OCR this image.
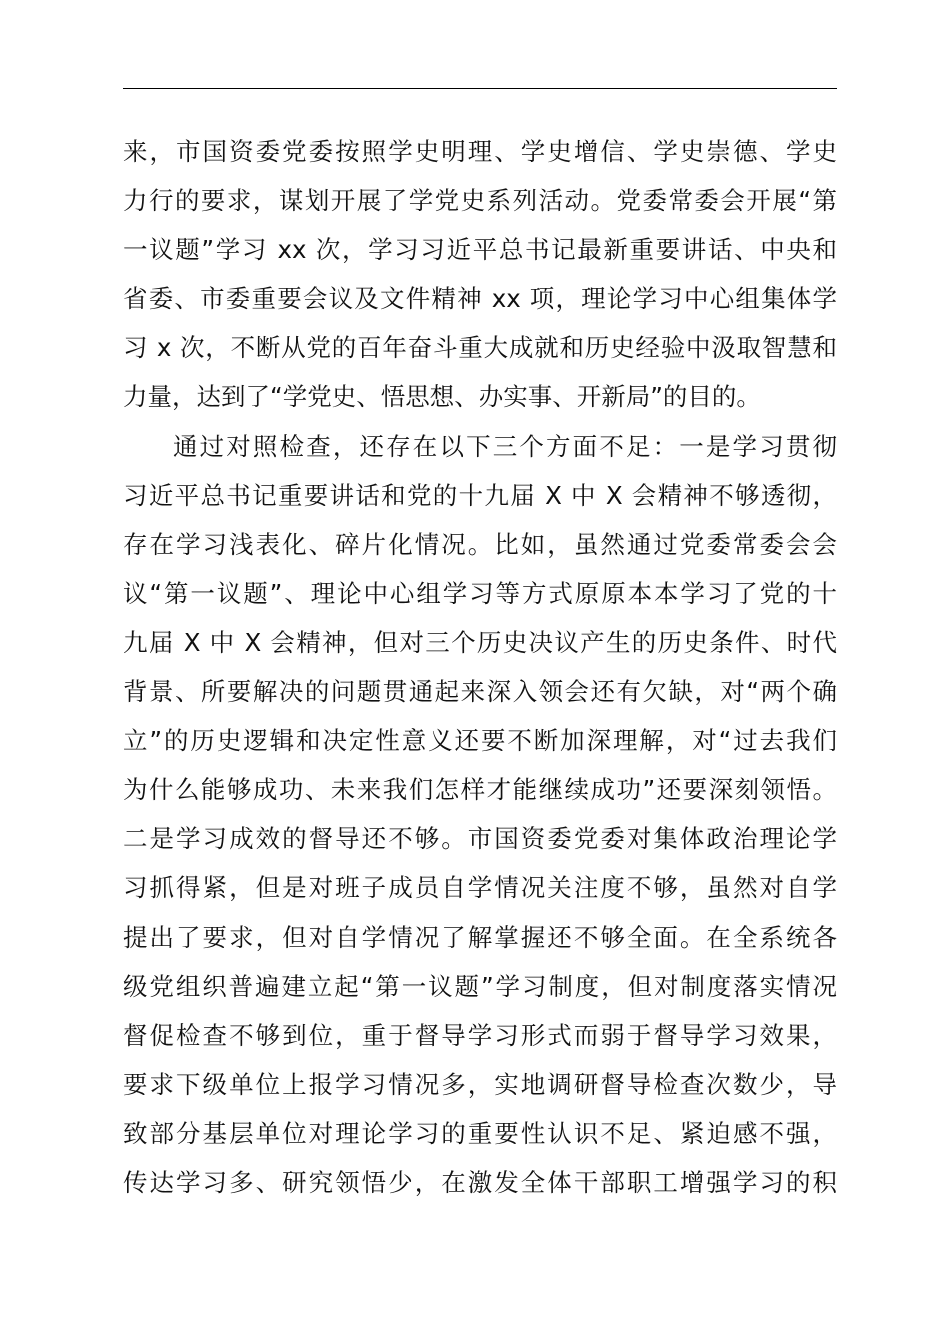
来，市国资委党委按照学史明理、学史增信、学史崇德、学史
力行的要求，谋划开展了学党史系列活动。党委常委会开展“第
一议题”学习 xx 次，学习习近平总书记最新重要讲话、中央和
省委、市委重要会议及文件精神 xx 项，理论学习中心组集体学
习 x 次，不断从党的百年奋斗重大成就和历史经验中汲取智慧和
力量，达到了“学党史、悟思想、办实事、开新局”的目的。
通过对照检查，还存在以下三个方面不足：一是学习贯彻
习近平总书记重要讲话和党的十九届 X 中 X 会精神不够透彻，
存在学习浅表化、碎片化情况。比如，虽然通过党委常委会会
议“第一议题”、理论中心组学习等方式原原本本学习了党的十
九届 X 中 X 会精神，但对三个历史决议产生的历史条件、时代
背景、所要解决的问题贯通起来深入领会还有欠缺，对“两个确
立”的历史逻辑和决定性意义还要不断加深理解，对“过去我们
为什么能够成功、未来我们怎样才能继续成功”还要深刻领悟。
二是学习成效的督导还不够。市国资委党委对集体政治理论学
习抓得紧，但是对班子成员自学情况关注度不够，虽然对自学
提出了要求，但对自学情况了解掌握还不够全面。在全系统各
级党组织普遍建立起“第一议题”学习制度，但对制度落实情况
督促检查不够到位，重于督导学习形式而弱于督导学习效果，
要求下级单位上报学习情况多，实地调研督导检查次数少，导
致部分基层单位对理论学习的重要性认识不足、紧迫感不强，
传达学习多、研究领悟少，在激发全体干部职工增强学习的积
